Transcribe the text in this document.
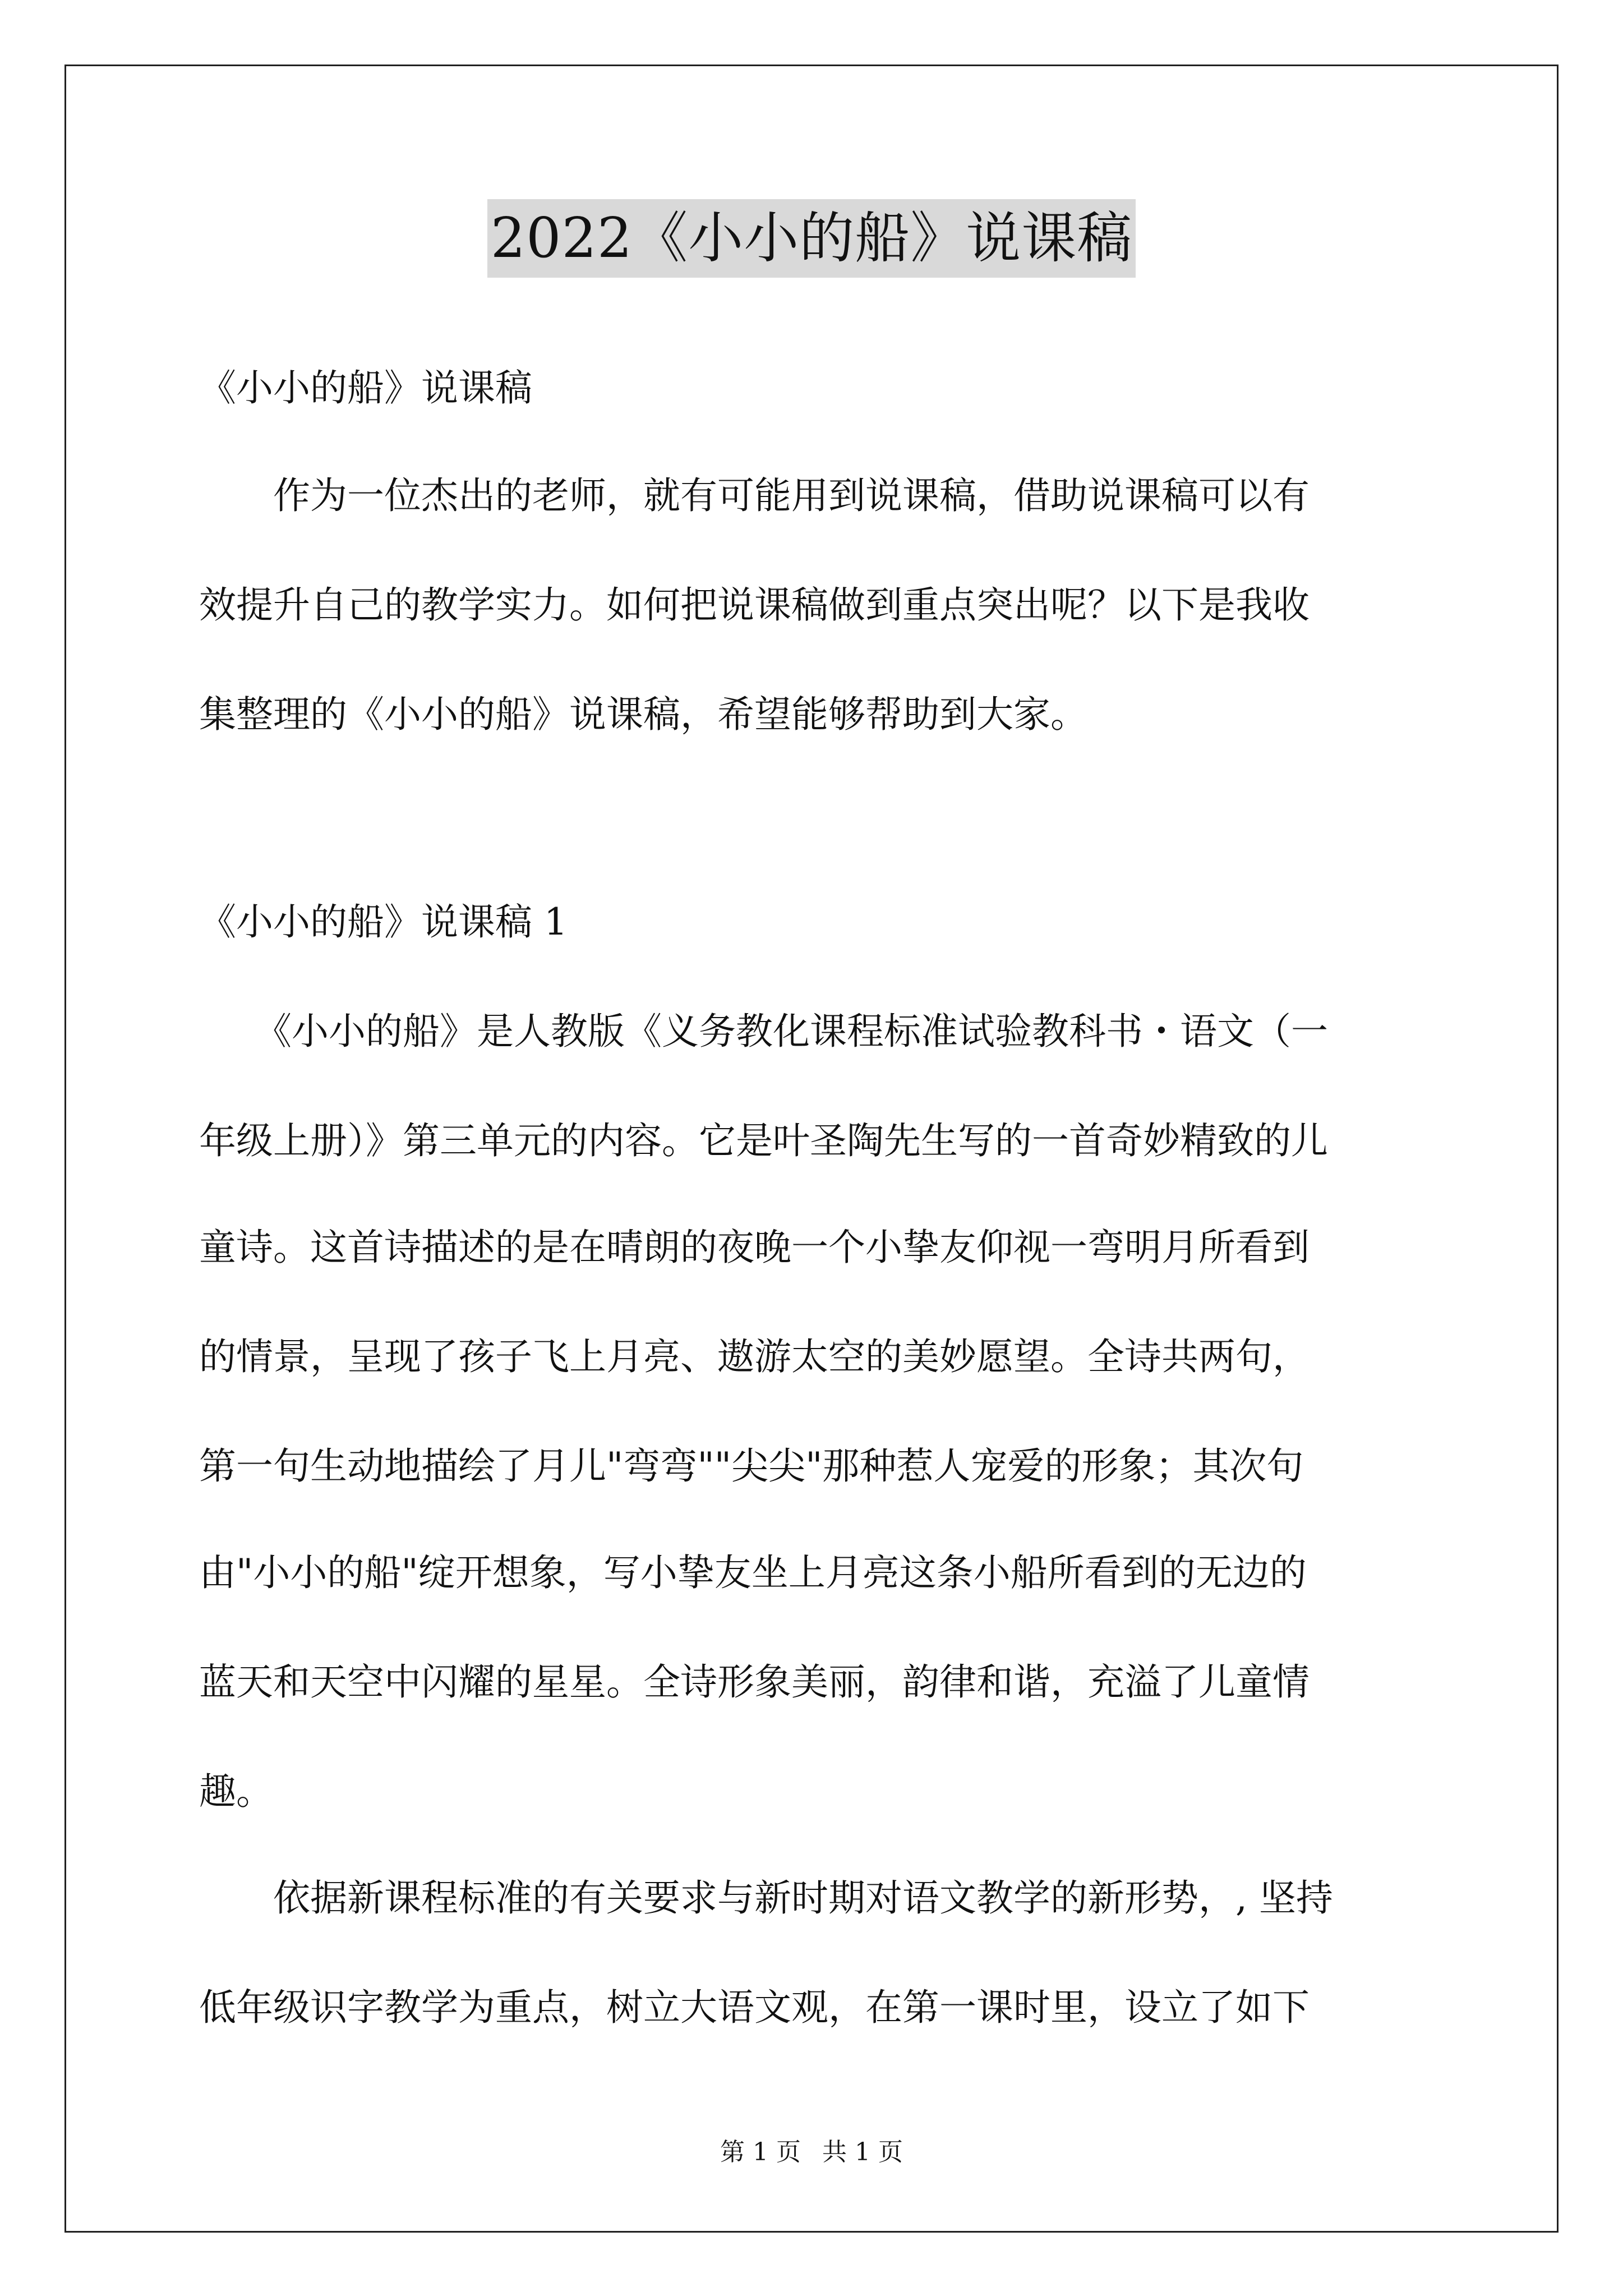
2022《小小的船》说课稿
《小小的船》说课稿
　　作为一位杰出的老师，就有可能用到说课稿，借助说课稿可以有
效提升自己的教学实力。如何把说课稿做到重点突出呢？以下是我收
集整理的《小小的船》说课稿，希望能够帮助到大家。
《小小的船》说课稿 1
　　《小小的船》是人教版《义务教化课程标准试验教科书・语文（一
年级上册）》第三单元的内容。它是叶圣陶先生写的一首奇妙精致的儿
童诗。这首诗描述的是在晴朗的夜晚一个小挚友仰视一弯明月所看到
的情景，呈现了孩子飞上月亮、遨游太空的美妙愿望。全诗共两句，
第一句生动地描绘了月儿"弯弯""尖尖"那种惹人宠爱的形象；其次句
由"小小的船"绽开想象，写小挚友坐上月亮这条小船所看到的无边的
蓝天和天空中闪耀的星星。全诗形象美丽，韵律和谐，充溢了儿童情
趣。
　　依据新课程标准的有关要求与新时期对语文教学的新形势，, 坚持
低年级识字教学为重点，树立大语文观，在第一课时里，设立了如下
第 1 页 共 1 页
